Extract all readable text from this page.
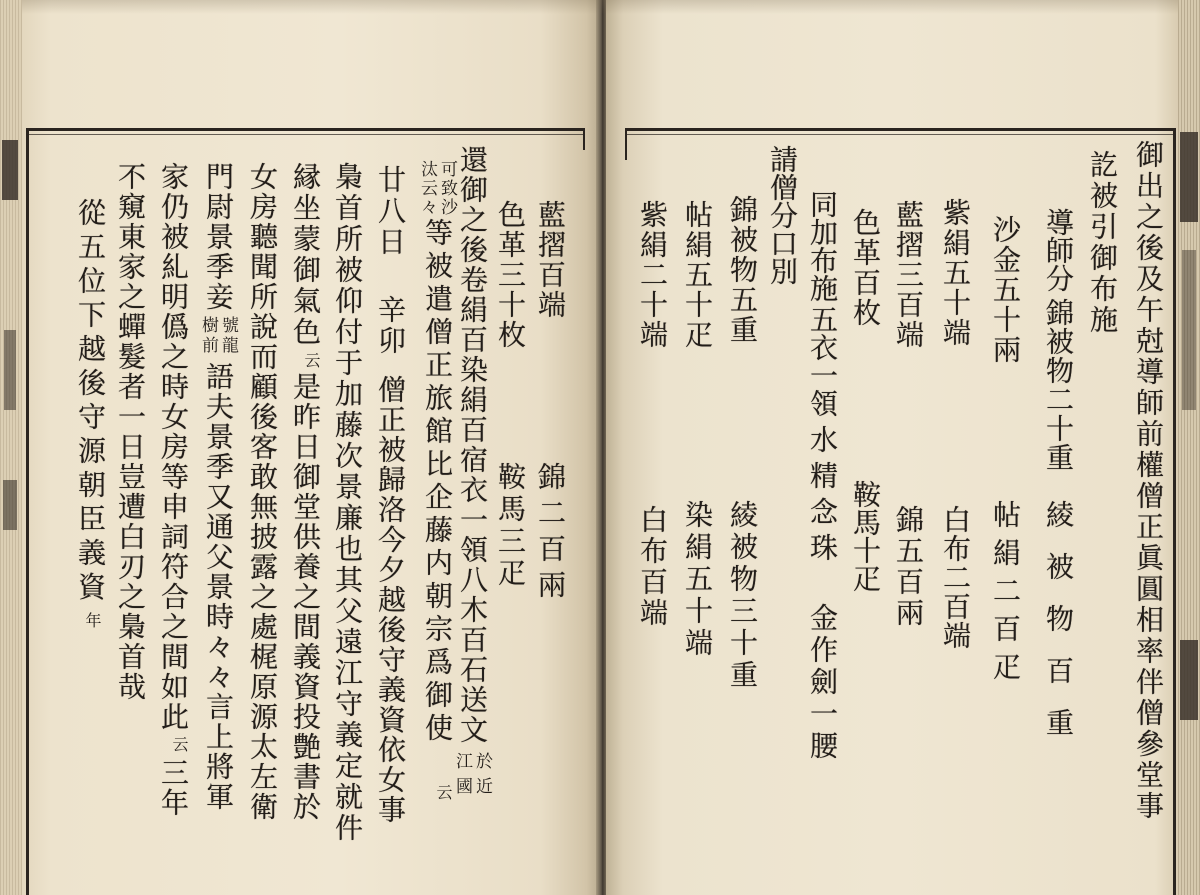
御出之後及午尅導師前權僧正眞圓相率伴僧參堂事
訖被引御布施
導師分
錦被物二十重
綾被物百重
沙金五十兩
帖絹二百疋
紫絹五十端
白布二百端
藍摺三百端
錦五百兩
色革百枚
鞍馬十疋
同加布施
五衣一領
水精念珠
金作劍一腰
請僧分口別
錦被物五重
綾被物三十重
帖絹五十疋
染絹五十端
紫絹二十端
白布百端
藍摺百端
錦二百兩
色革三十枚
鞍馬三疋
還御之後卷絹百染絹百宿衣一領八木百石送文
於近
江國
可致沙
汰云々
等被遣僧正旅館比企藤内朝宗爲御使
云
廿八日
辛卯
僧正被歸洛今夕越後守義資依女事
梟首所被仰付于加藤次景廉也其父遠江守義定就件
縁坐蒙御氣色
云
是昨日御堂供養之間義資投艶書於
女房聽聞所說而顧後客敢無披露之處梶原源太左衛
門尉景季妾
號龍
樹前
語夫景季又通父景時々々言上將軍
家仍被糺明僞之時女房等申詞符合之間如此
云
三年
不窺東家之蟬髮者一日豈遭白刃之梟首哉
從五位下越後守源朝臣義資
年
